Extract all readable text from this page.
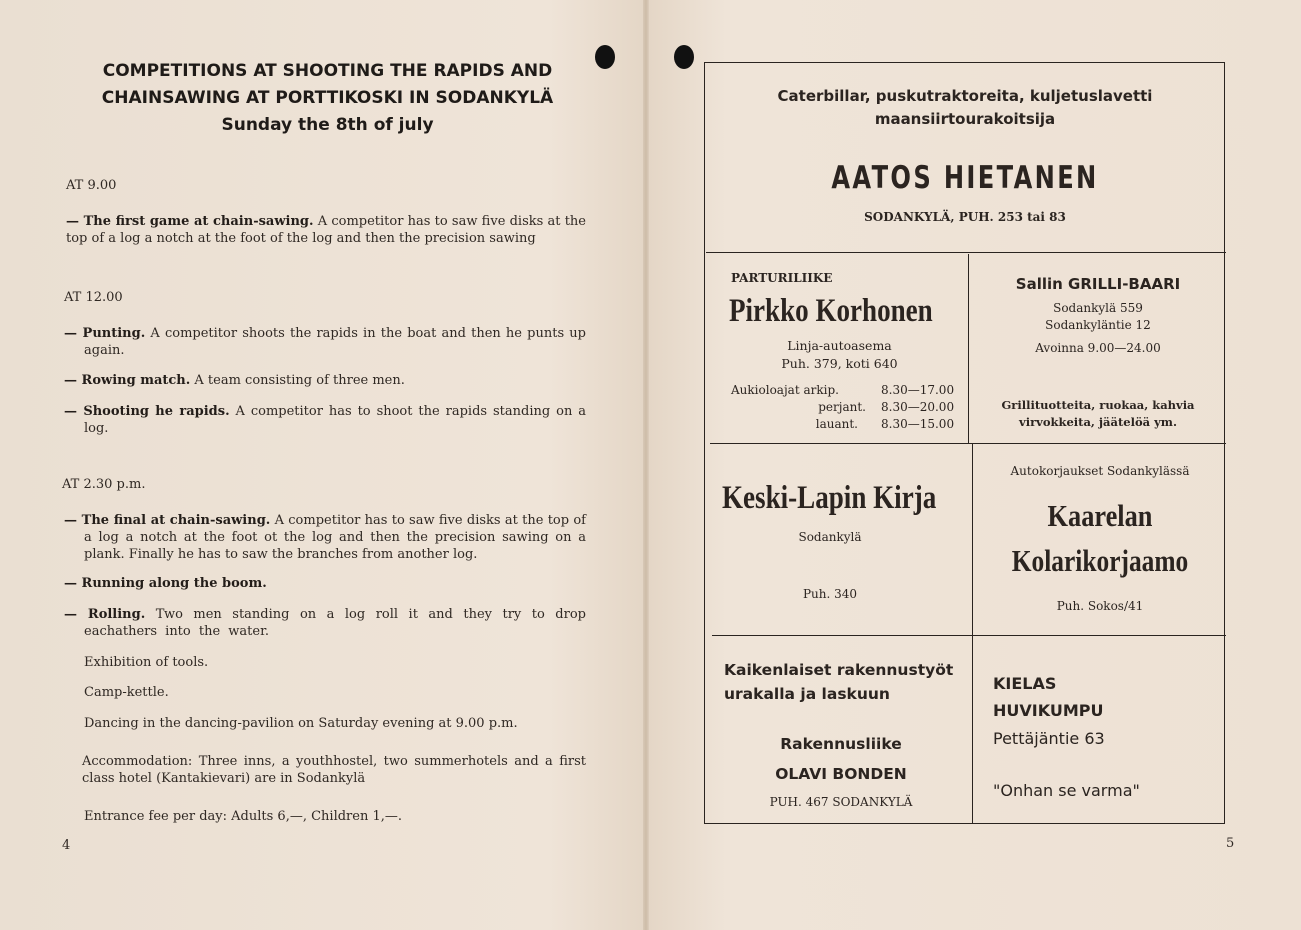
COMPETITIONS AT SHOOTING THE RAPIDS AND
CHAINSAWING AT PORTTIKOSKI IN SODANKYLÄ
Sunday the 8th of july
AT 9.00
— The first game at chain-sawing. A competitor has to saw five disks at the top of a log a notch at the foot of the log and then the precision sawing
AT 12.00
— Punting. A competitor shoots the rapids in the boat and then he punts up again.
— Rowing match. A team consisting of three men.
— Shooting he rapids. A competitor has to shoot the rapids standing on a log.
AT 2.30 p.m.
— The final at chain-sawing. A competitor has to saw five disks at the top of a log a notch at the foot ot the log and then the precision sawing on a plank. Finally he has to saw the branches from another log.
— Running along the boom.
— Rolling. Two men standing on a log roll it and they try to drop eachathers into the water.
Exhibition of tools.
Camp-kettle.
Dancing in the dancing-pavilion on Saturday evening at 9.00 p.m.
Accommodation: Three inns, a youthhostel, two summerhotels and a first class hotel (Kantakievari) are in Sodankylä
Entrance fee per day: Adults 6,—, Children 1,—.
4
Caterbillar, puskutraktoreita, kuljetuslavetti
maansiirtourakoitsija
AATOS HIETANEN
SODANKYLÄ, PUH. 253 tai 83
PARTURILIIKE
Pirkko Korhonen
Linja-autoasema
Puh. 379, koti 640
Aukioloajat arkip.	8.30—17.00
perjant. 8.30—20.00
lauant. 8.30—15.00
Sallin GRILLI-BAARI
Sodankylä 559
Sodankyläntie 12
Avoinna 9.00—24.00
Grillituotteita, ruokaa, kahvia
virvokkeita, jäätelöä ym.
Keski-Lapin Kirja
Sodankylä
Puh. 340
Autokorjaukset Sodankylässä
Kaarelan
Kolarikorjaamo
Puh. Sokos/41
Kaikenlaiset rakennustyöt
urakalla ja laskuun
Rakennusliike
OLAVI BONDEN
PUH. 467 SODANKYLÄ
KIELAS
HUVIKUMPU
Pettäjäntie 63
"Onhan se varma"
5
